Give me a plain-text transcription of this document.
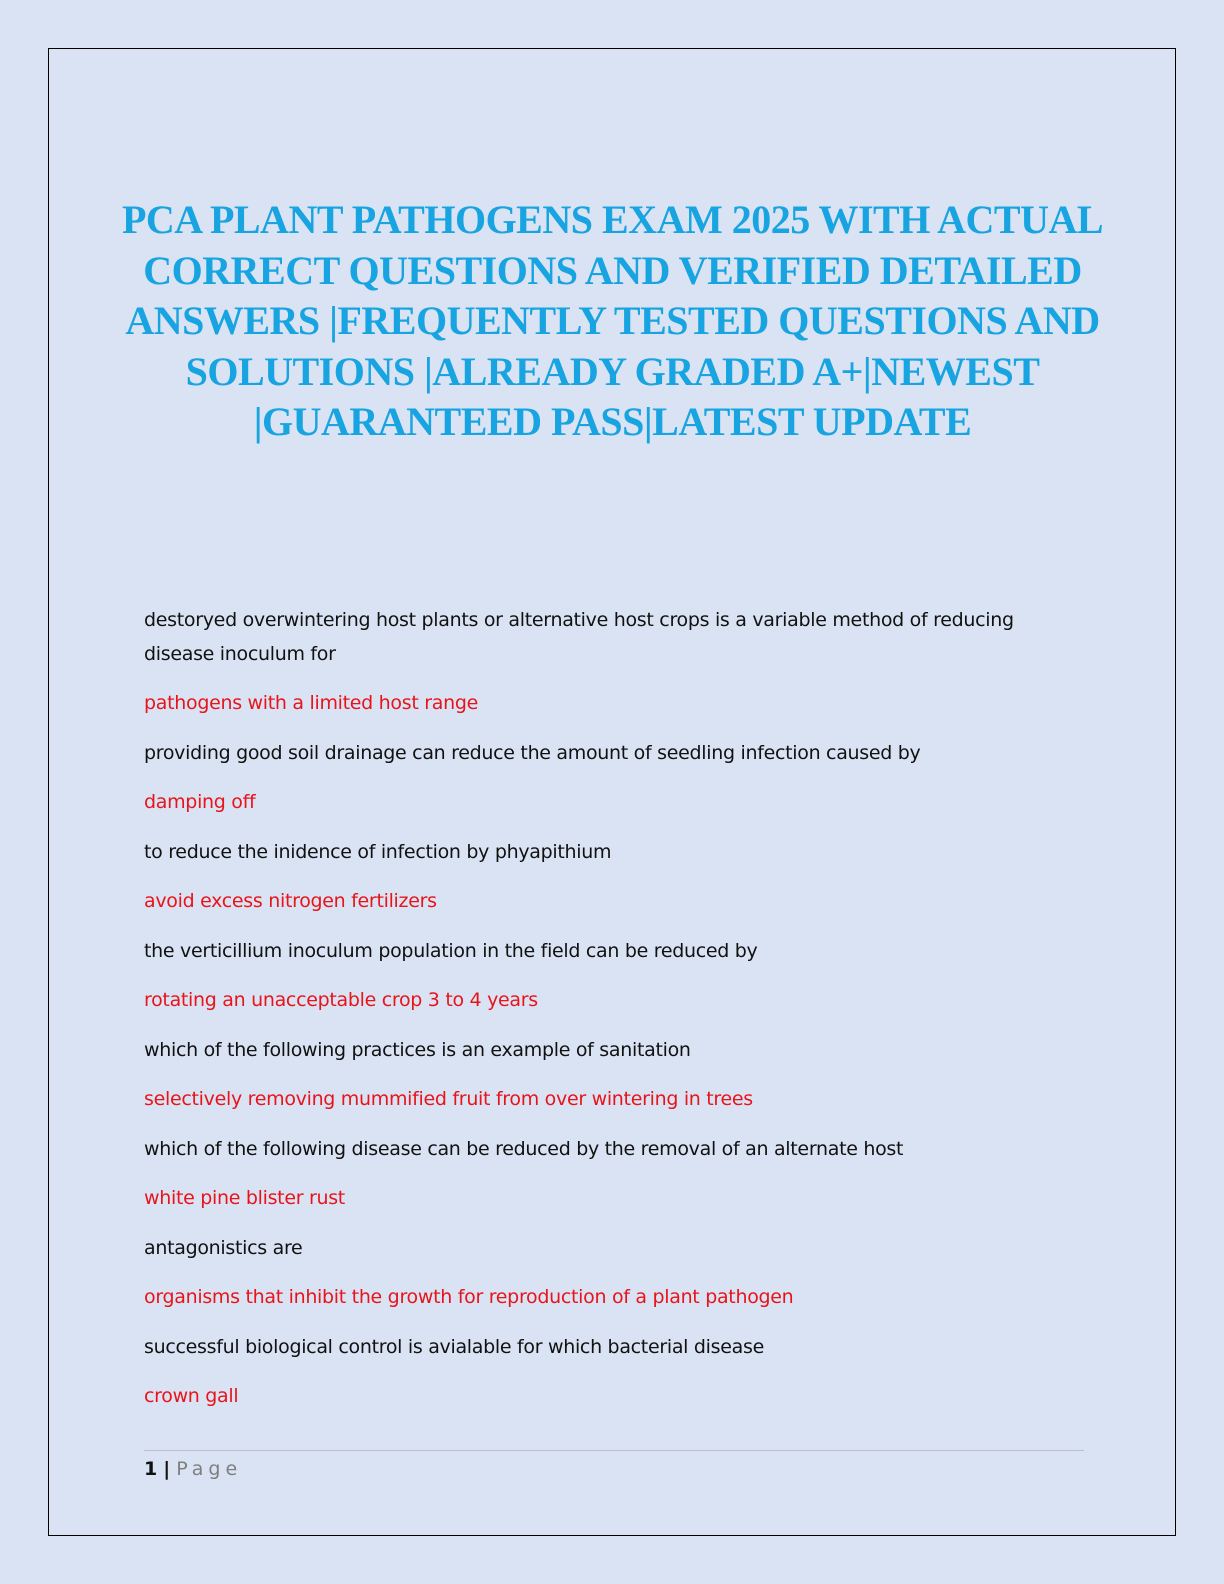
PCA PLANT PATHOGENS EXAM 2025 WITH ACTUAL CORRECT QUESTIONS AND VERIFIED DETAILED ANSWERS |FREQUENTLY TESTED QUESTIONS AND SOLUTIONS |ALREADY GRADED A+|NEWEST |GUARANTEED PASS|LATEST UPDATE
destoryed overwintering host plants or alternative host crops is a variable method of reducing disease inoculum for
pathogens with a limited host range
providing good soil drainage can reduce the amount of seedling infection caused by
damping off
to reduce the inidence of infection by phyapithium
avoid excess nitrogen fertilizers
the verticillium inoculum population in the field can be reduced by
rotating an unacceptable crop 3 to 4 years
which of the following practices is an example of sanitation
selectively removing mummified fruit from over wintering in trees
which of the following disease can be reduced by the removal of an alternate host
white pine blister rust
antagonistics are
organisms that inhibit the growth for reproduction of a plant pathogen
successful biological control is avialable for which bacterial disease
crown gall
1 | Page
